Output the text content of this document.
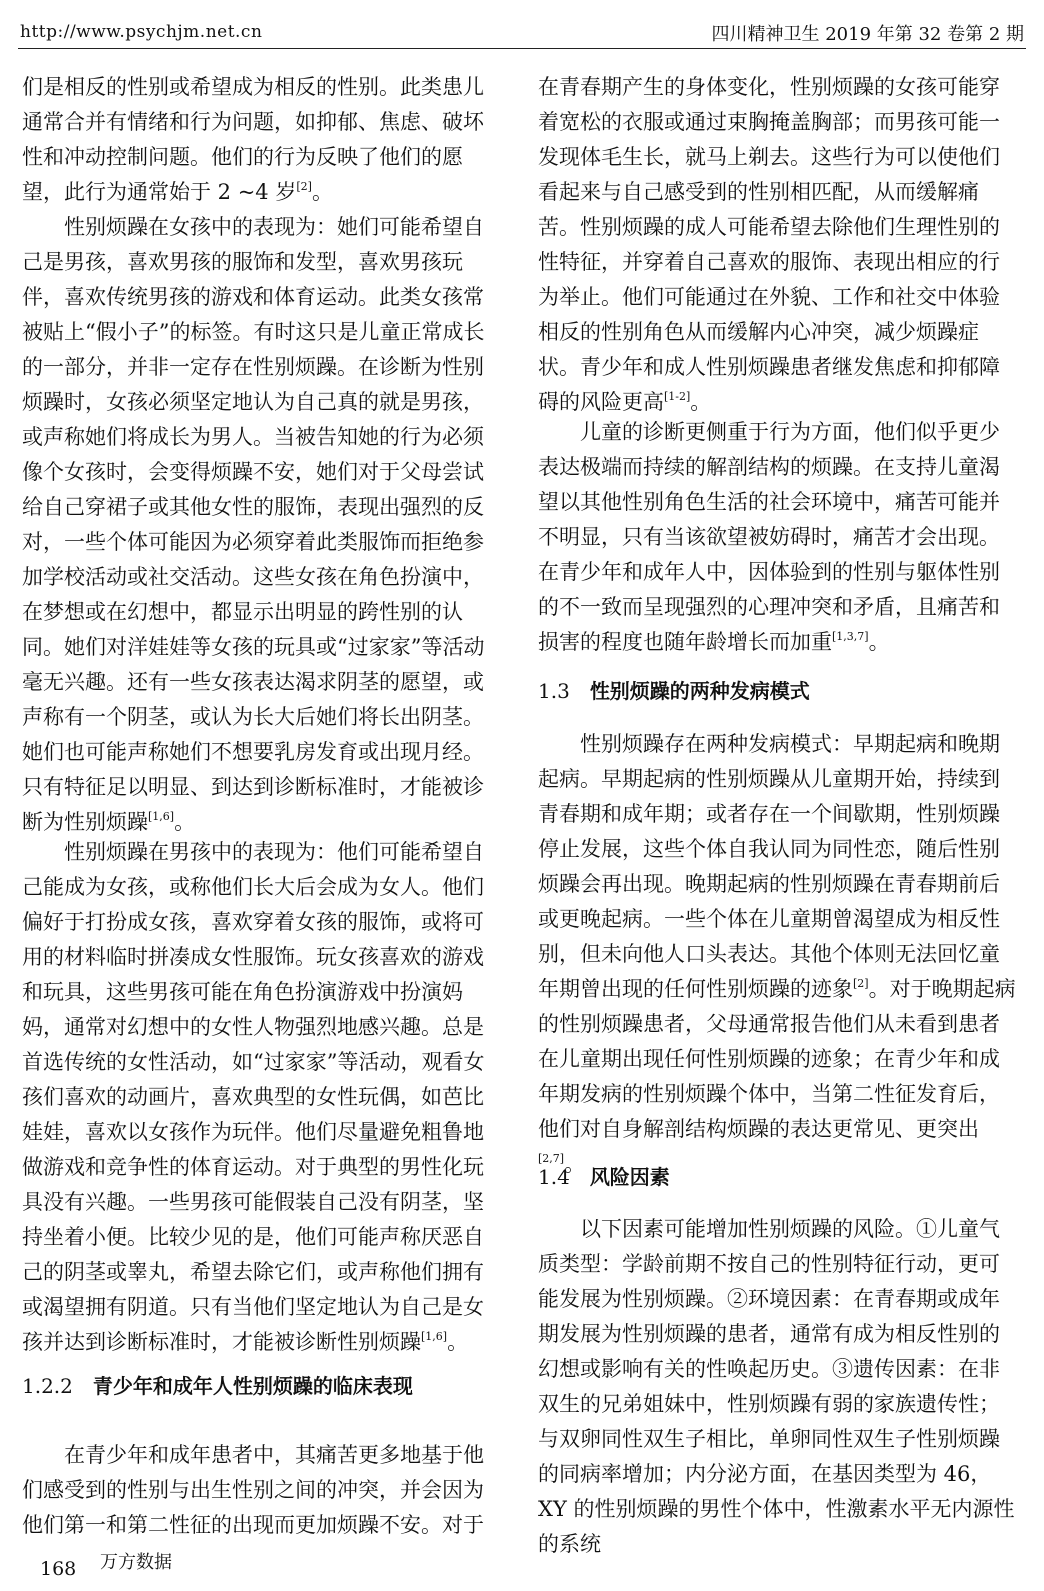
http://www.psychjm.net.cn	四川精神卫生 2019 年第 32 卷第 2 期

们是相反的性别或希望成为相反的性别。此类患儿通常合并有情绪和行为问题，如抑郁、焦虑、破坏性和冲动控制问题。他们的行为反映了他们的愿望，此行为通常始于 2 ~4 岁[2]。

性别烦躁在女孩中的表现为：她们可能希望自己是男孩，喜欢男孩的服饰和发型，喜欢男孩玩伴，喜欢传统男孩的游戏和体育运动。此类女孩常被贴上“假小子”的标签。有时这只是儿童正常成长的一部分，并非一定存在性别烦躁。在诊断为性别烦躁时，女孩必须坚定地认为自己真的就是男孩，或声称她们将成长为男人。当被告知她的行为必须像个女孩时，会变得烦躁不安，她们对于父母尝试给自己穿裙子或其他女性的服饰，表现出强烈的反对，一些个体可能因为必须穿着此类服饰而拒绝参加学校活动或社交活动。这些女孩在角色扮演中，在梦想或在幻想中，都显示出明显的跨性别的认同。她们对洋娃娃等女孩的玩具或“过家家”等活动毫无兴趣。还有一些女孩表达渴求阴茎的愿望，或声称有一个阴茎，或认为长大后她们将长出阴茎。她们也可能声称她们不想要乳房发育或出现月经。只有特征足以明显、到达到诊断标准时，才能被诊断为性别烦躁[1,6]。

性别烦躁在男孩中的表现为：他们可能希望自己能成为女孩，或称他们长大后会成为女人。他们偏好于打扮成女孩，喜欢穿着女孩的服饰，或将可用的材料临时拼凑成女性服饰。玩女孩喜欢的游戏和玩具，这些男孩可能在角色扮演游戏中扮演妈妈，通常对幻想中的女性人物强烈地感兴趣。总是首选传统的女性活动，如“过家家”等活动，观看女孩们喜欢的动画片，喜欢典型的女性玩偶，如芭比娃娃，喜欢以女孩作为玩伴。他们尽量避免粗鲁地做游戏和竞争性的体育运动。对于典型的男性化玩具没有兴趣。一些男孩可能假装自己没有阴茎，坚持坐着小便。比较少见的是，他们可能声称厌恶自己的阴茎或睾丸，希望去除它们，或声称他们拥有或渴望拥有阴道。只有当他们坚定地认为自己是女孩并达到诊断标准时，才能被诊断性别烦躁[1,6]。

1.2.2 青少年和成年人性别烦躁的临床表现

在青少年和成年患者中，其痛苦更多地基于他们感受到的性别与出生性别之间的冲突，并会因为他们第一和第二性征的出现而更加烦躁不安。对于

在青春期产生的身体变化，性别烦躁的女孩可能穿着宽松的衣服或通过束胸掩盖胸部；而男孩可能一发现体毛生长，就马上剃去。这些行为可以使他们看起来与自己感受到的性别相匹配，从而缓解痛苦。性别烦躁的成人可能希望去除他们生理性别的性特征，并穿着自己喜欢的服饰、表现出相应的行为举止。他们可能通过在外貌、工作和社交中体验相反的性别角色从而缓解内心冲突，减少烦躁症状。青少年和成人性别烦躁患者继发焦虑和抑郁障碍的风险更高[1-2]。

儿童的诊断更侧重于行为方面，他们似乎更少表达极端而持续的解剖结构的烦躁。在支持儿童渴望以其他性别角色生活的社会环境中，痛苦可能并不明显，只有当该欲望被妨碍时，痛苦才会出现。在青少年和成年人中，因体验到的性别与躯体性别的不一致而呈现强烈的心理冲突和矛盾，且痛苦和损害的程度也随年龄增长而加重[1,3,7]。

1.3 性别烦躁的两种发病模式

性别烦躁存在两种发病模式：早期起病和晚期起病。早期起病的性别烦躁从儿童期开始，持续到青春期和成年期；或者存在一个间歇期，性别烦躁停止发展，这些个体自我认同为同性恋，随后性别烦躁会再出现。晚期起病的性别烦躁在青春期前后或更晚起病。一些个体在儿童期曾渴望成为相反性别，但未向他人口头表达。其他个体则无法回忆童年期曾出现的任何性别烦躁的迹象[2]。对于晚期起病的性别烦躁患者，父母通常报告他们从未看到患者在儿童期出现任何性别烦躁的迹象；在青少年和成年期发病的性别烦躁个体中，当第二性征发育后，他们对自身解剖结构烦躁的表达更常见、更突出[2,7]。

1.4 风险因素

以下因素可能增加性别烦躁的风险。①儿童气质类型：学龄前期不按自己的性别特征行动，更可能发展为性别烦躁。②环境因素：在青春期或成年期发展为性别烦躁的患者，通常有成为相反性别的幻想或影响有关的性唤起历史。③遗传因素：在非双生的兄弟姐妹中，性别烦躁有弱的家族遗传性；与双卵同性双生子相比，单卵同性双生子性别烦躁的同病率增加；内分泌方面，在基因类型为 46，XY 的性别烦躁的男性个体中，性激素水平无内源性的系统

168 万方数据
